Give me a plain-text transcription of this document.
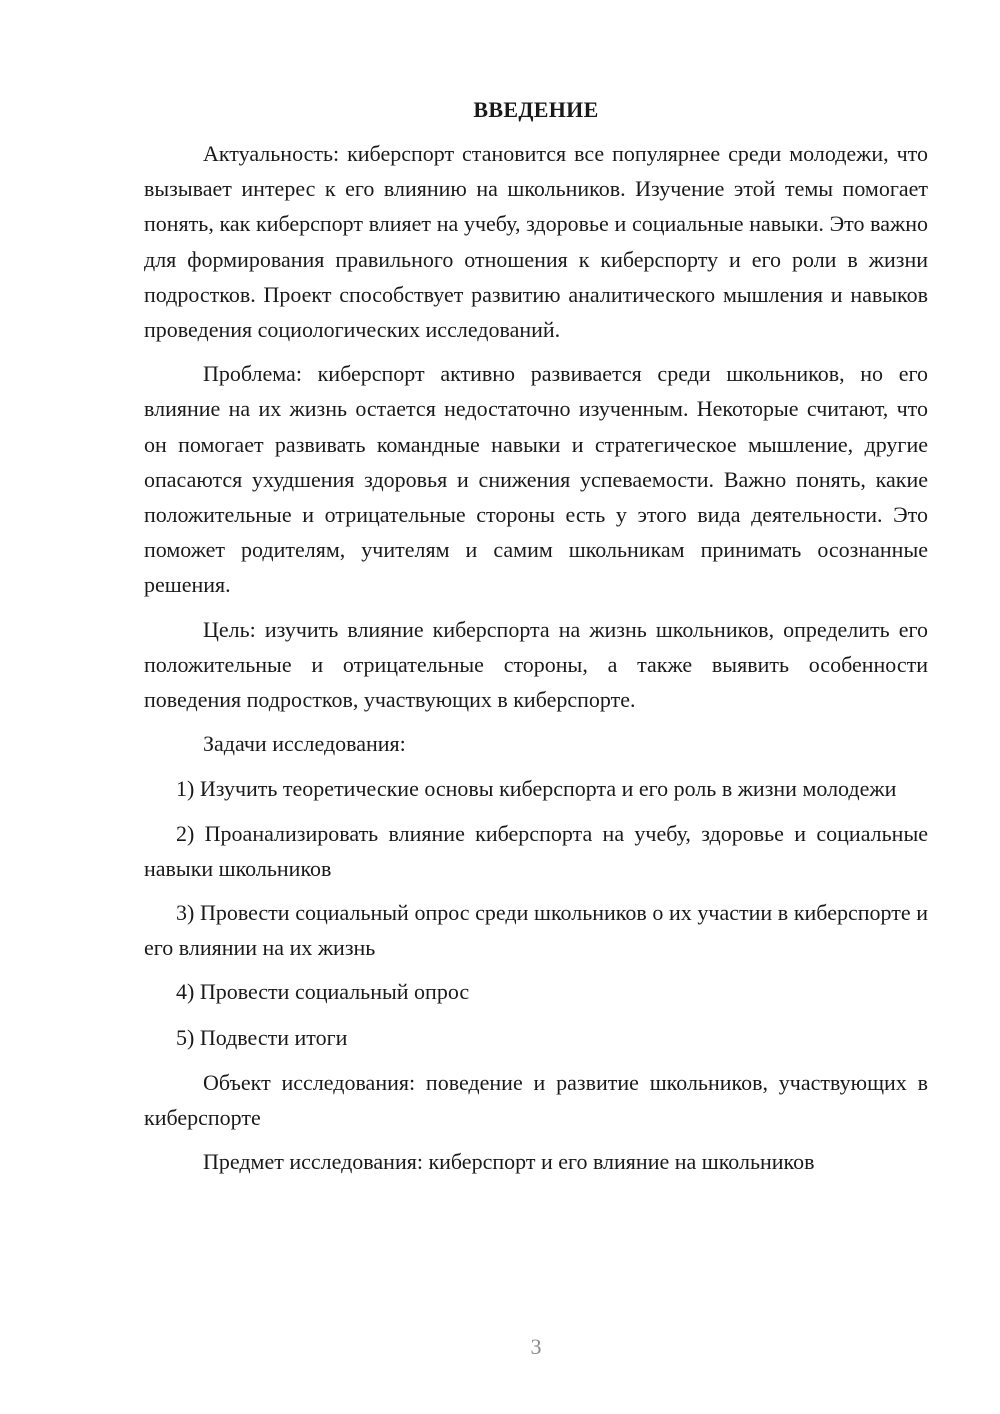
ВВЕДЕНИЕ

Актуальность: киберспорт становится все популярнее среди молодежи, что вызывает интерес к его влиянию на школьников. Изучение этой темы помогает понять, как киберспорт влияет на учебу, здоровье и социальные навыки. Это важно для формирования правильного отношения к киберспорту и его роли в жизни подростков. Проект способствует развитию аналитического мышления и навыков проведения социологических исследований.

Проблема: киберспорт активно развивается среди школьников, но его влияние на их жизнь остается недостаточно изученным. Некоторые считают, что он помогает развивать командные навыки и стратегическое мышление, другие опасаются ухудшения здоровья и снижения успеваемости. Важно понять, какие положительные и отрицательные стороны есть у этого вида деятельности. Это поможет родителям, учителям и самим школьникам принимать осознанные решения.

Цель: изучить влияние киберспорта на жизнь школьников, определить его положительные и отрицательные стороны, а также выявить особенности поведения подростков, участвующих в киберспорте.

Задачи исследования:

1) Изучить теоретические основы киберспорта и его роль в жизни молодежи

2) Проанализировать влияние киберспорта на учебу, здоровье и социальные навыки школьников

3) Провести социальный опрос среди школьников о их участии в киберспорте и его влиянии на их жизнь

4) Провести социальный опрос

5) Подвести итоги

Объект исследования: поведение и развитие школьников, участвующих в киберспорте

Предмет исследования: киберспорт и его влияние на школьников

3
